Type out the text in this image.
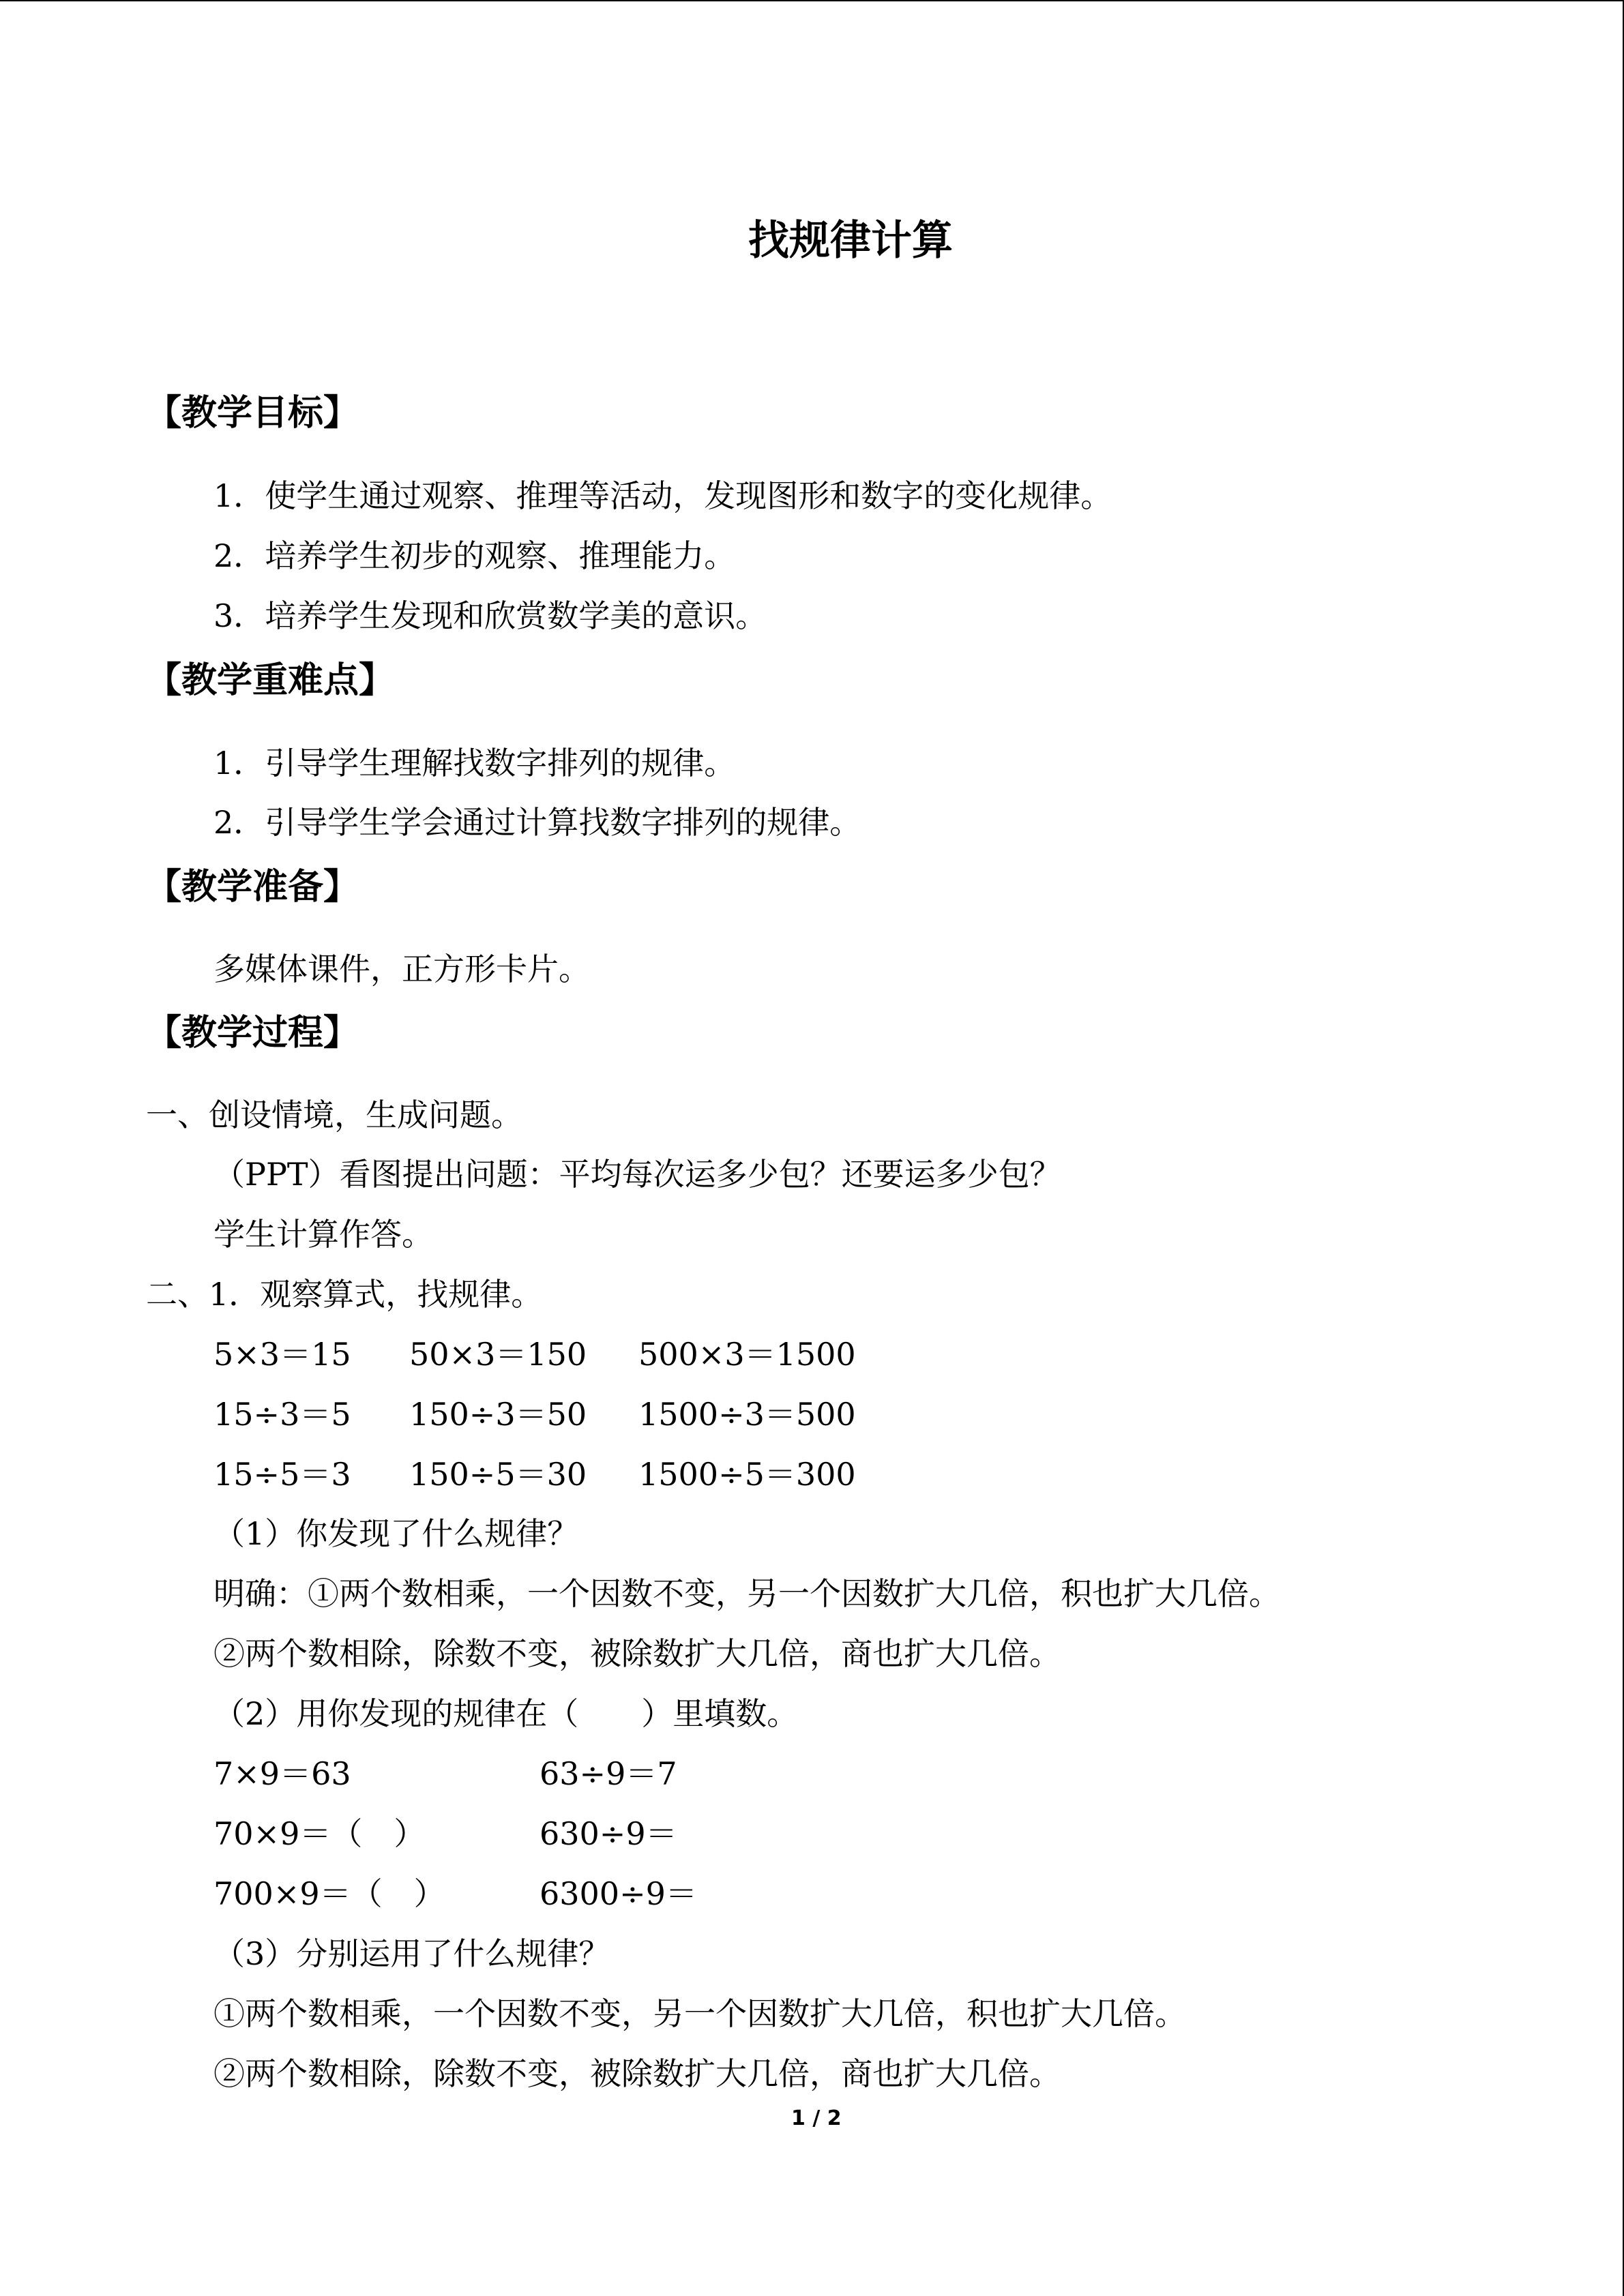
找规律计算
【教学目标】
1．使学生通过观察、推理等活动，发现图形和数字的变化规律。
2．培养学生初步的观察、推理能力。
3．培养学生发现和欣赏数学美的意识。
【教学重难点】
1．引导学生理解找数字排列的规律。
2．引导学生学会通过计算找数字排列的规律。
【教学准备】
多媒体课件，正方形卡片。
【教学过程】
一、创设情境，生成问题。
（PPT）看图提出问题：平均每次运多少包？还要运多少包？
学生计算作答。
二、1．观察算式，找规律。
5×3＝15 50×3＝150 500×3＝1500
15÷3＝5 150÷3＝50 1500÷3＝500
15÷5＝3 150÷5＝30 1500÷5＝300
（1）你发现了什么规律？
明确：①两个数相乘，一个因数不变，另一个因数扩大几倍，积也扩大几倍。
②两个数相除，除数不变，被除数扩大几倍，商也扩大几倍。
（2）用你发现的规律在（　　）里填数。
7×9＝63	63÷9＝7
70×9＝（　）	630÷9＝
700×9＝（　）	6300÷9＝
（3）分别运用了什么规律？
①两个数相乘，一个因数不变，另一个因数扩大几倍，积也扩大几倍。
②两个数相除，除数不变，被除数扩大几倍，商也扩大几倍。
1 / 2
